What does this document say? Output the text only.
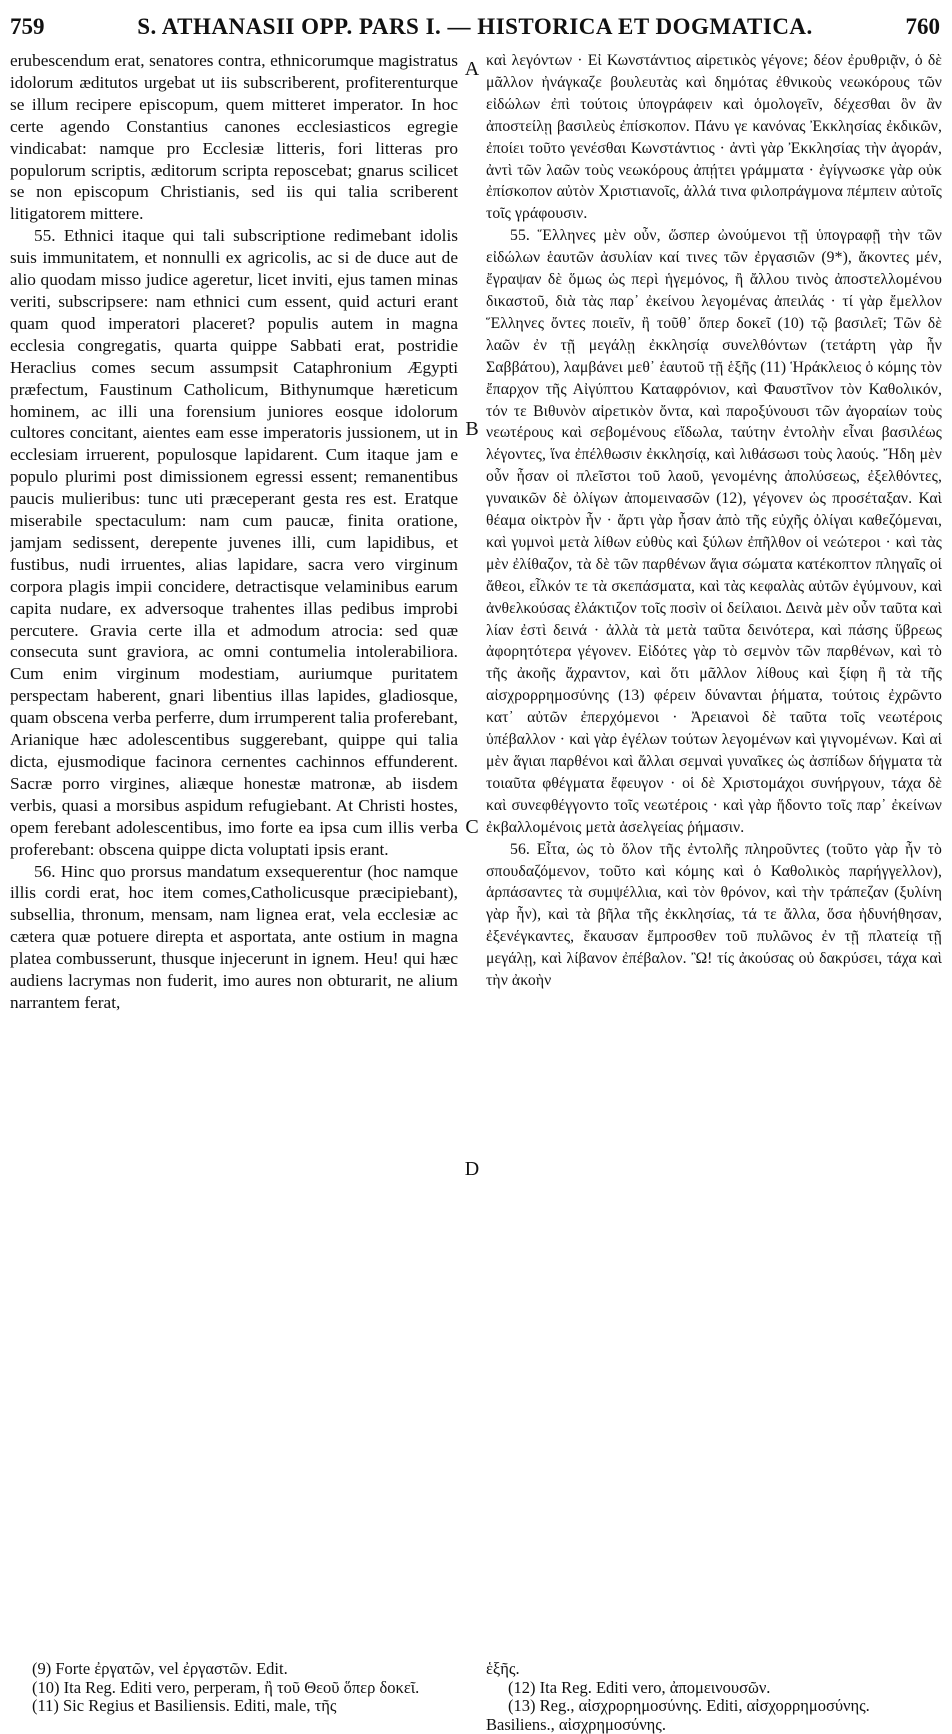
759	S. ATHANASII OPP. PARS I. — HISTORICA ET DOGMATICA.	760

erubescendum erat, senatores contra, ethnicorumque magistratus idolorum æditutos urgebat ut iis subscriberent, profiterenturque se illum recipere episcopum, quem mitteret imperator. In hoc certe agendo Constantius canones ecclesiasticos egregie vindicabat: namque pro Ecclesiæ litteris, fori litteras pro populorum scriptis, æditorum scripta reposcebat; gnarus scilicet se non episcopum Christianis, sed iis qui talia scriberent litigatorem mittere.

55. Ethnici itaque qui tali subscriptione redimebant idolis suis immunitatem, et nonnulli ex agricolis, ac si de duce aut de alio quodam misso judice ageretur, licet inviti, ejus tamen minas veriti, subscripsere: nam ethnici cum essent, quid acturi erant quam quod imperatori placeret? populis autem in magna ecclesia congregatis, quarta quippe Sabbati erat, postridie Heraclius comes secum assumpsit Cataphronium Ægypti præfectum, Faustinum Catholicum, Bithynumque hæreticum hominem, ac illi una forensium juniores eosque idolorum cultores concitant, aientes eam esse imperatoris jussionem, ut in ecclesiam irruerent, populosque lapidarent. Cum itaque jam e populo plurimi post dimissionem egressi essent; remanentibus paucis mulieribus: tunc uti præceperant gesta res est. Eratque miserabile spectaculum: nam cum paucæ, finita oratione, jamjam sedissent, derepente juvenes illi, cum lapidibus, et fustibus, nudi irruentes, alias lapidare, sacra vero virginum corpora plagis impii concidere, detractisque velaminibus earum capita nudare, ex adversoque trahentes illas pedibus improbi percutere. Gravia certe illa et admodum atrocia: sed quæ consecuta sunt graviora, ac omni contumelia intolerabiliora. Cum enim virginum modestiam, auriumque puritatem perspectam haberent, gnari libentius illas lapides, gladiosque, quam obscena verba perferre, dum irrumperent talia proferebant, Arianique hæc adolescentibus suggerebant, quippe qui talia dicta, ejusmodique facinora cernentes cachinnos effunderent. Sacræ porro virgines, aliæque honestæ matronæ, ab iisdem verbis, quasi a morsibus aspidum refugiebant. At Christi hostes, opem ferebant adolescentibus, imo forte ea ipsa cum illis verba proferebant: obscena quippe dicta voluptati ipsis erant.

56. Hinc quo prorsus mandatum exsequerentur (hoc namque illis cordi erat, hoc item comes,Catholicusque præcipiebant), subsellia, thronum, mensam, nam lignea erat, vela ecclesiæ ac cætera quæ potuere direpta et asportata, ante ostium in magna platea combusserunt, thusque injecerunt in ignem. Heu! qui hæc audiens lacrymas non fuderit, imo aures non obturarit, ne alium narrantem ferat,

A
B
C
D

καὶ λεγόντων · Εἰ Κωνστάντιος αἱρετικὸς γέγονε; δέον ἐρυθριᾷν, ὁ δὲ μᾶλλον ἠνάγκαζε βουλευτὰς καὶ δημότας ἐθνικοὺς νεωκόρους τῶν εἰδώλων ἐπὶ τούτοις ὑπογράφειν καὶ ὁμολογεῖν, δέχεσθαι ὃν ἂν ἀποστείλῃ βασιλεὺς ἐπίσκοπον. Πάνυ γε κανόνας Ἐκκλησίας ἐκδικῶν, ἐποίει τοῦτο γενέσθαι Κωνστάντιος · ἀντὶ γὰρ Ἐκκλησίας τὴν ἀγοράν, ἀντὶ τῶν λαῶν τοὺς νεωκόρους ἀπῄτει γράμματα · ἐγίγνωσκε γὰρ οὐκ ἐπίσκοπον αὐτὸν Χριστιανοῖς, ἀλλά τινα φιλοπράγμονα πέμπειν αὐτοῖς τοῖς γράφουσιν.

55. Ἕλληνες μὲν οὖν, ὥσπερ ὠνούμενοι τῇ ὑπογραφῇ τὴν τῶν εἰδώλων ἑαυτῶν ἀσυλίαν καί τινες τῶν ἐργασιῶν (9*), ἄκοντες μέν, ἔγραψαν δὲ ὅμως ὡς περὶ ἡγεμόνος, ἢ ἄλλου τινὸς ἀποστελλομένου δικαστοῦ, διὰ τὰς παρ᾽ ἐκείνου λεγομένας ἀπειλάς · τί γὰρ ἔμελλον Ἕλληνες ὄντες ποιεῖν, ἢ τοῦθ᾽ ὅπερ δοκεῖ (10) τῷ βασιλεῖ; Τῶν δὲ λαῶν ἐν τῇ μεγάλῃ ἐκκλησίᾳ συνελθόντων (τετάρτη γὰρ ἦν Σαββάτου), λαμβάνει μεθ᾽ ἑαυτοῦ τῇ ἑξῆς (11) Ἡράκλειος ὁ κόμης τὸν ἔπαρχον τῆς Αἰγύπτου Καταφρόνιον, καὶ Φαυστῖνον τὸν Καθολικόν, τόν τε Βιθυνὸν αἱρετικὸν ὄντα, καὶ παροξύνουσι τῶν ἀγοραίων τοὺς νεωτέρους καὶ σεβομένους εἴδωλα, ταύτην ἐντολὴν εἶναι βασιλέως λέγοντες, ἵνα ἐπέλθωσιν ἐκκλησίᾳ, καὶ λιθάσωσι τοὺς λαούς. Ἤδη μὲν οὖν ἦσαν οἱ πλεῖστοι τοῦ λαοῦ, γενομένης ἀπολύσεως, ἐξελθόντες, γυναικῶν δὲ ὀλίγων ἀπομεινασῶν (12), γέγονεν ὡς προσέταξαν. Καὶ θέαμα οἰκτρὸν ἦν · ἄρτι γὰρ ἦσαν ἀπὸ τῆς εὐχῆς ὀλίγαι καθεζόμεναι, καὶ γυμνοὶ μετὰ λίθων εὐθὺς καὶ ξύλων ἐπῆλθον οἱ νεώτεροι · καὶ τὰς μὲν ἐλίθαζον, τὰ δὲ τῶν παρθένων ἅγια σώματα κατέκοπτον πληγαῖς οἱ ἄθεοι, εἷλκόν τε τὰ σκεπάσματα, καὶ τὰς κεφαλὰς αὐτῶν ἐγύμνουν, καὶ ἀνθελκούσας ἐλάκτιζον τοῖς ποσὶν οἱ δείλαιοι. Δεινὰ μὲν οὖν ταῦτα καὶ λίαν ἐστὶ δεινά · ἀλλὰ τὰ μετὰ ταῦτα δεινότερα, καὶ πάσης ὕβρεως ἀφορητότερα γέγονεν. Εἰδότες γὰρ τὸ σεμνὸν τῶν παρθένων, καὶ τὸ τῆς ἀκοῆς ἄχραντον, καὶ ὅτι μᾶλλον λίθους καὶ ξίφη ἢ τὰ τῆς αἰσχρορρημοσύνης (13) φέρειν δύνανται ῥήματα, τούτοις ἐχρῶντο κατ᾽ αὐτῶν ἐπερχόμενοι · Ἀρειανοὶ δὲ ταῦτα τοῖς νεωτέροις ὑπέβαλλον · καὶ γὰρ ἐγέλων τούτων λεγομένων καὶ γιγνομένων. Καὶ αἱ μὲν ἅγιαι παρθένοι καὶ ἄλλαι σεμναὶ γυναῖκες ὡς ἀσπίδων δήγματα τὰ τοιαῦτα φθέγματα ἔφευγον · οἱ δὲ Χριστομάχοι συνήργουν, τάχα δὲ καὶ συνεφθέγγοντο τοῖς νεωτέροις · καὶ γὰρ ἥδοντο τοῖς παρ᾽ ἐκείνων ἐκβαλλομένοις μετὰ ἀσελγείας ῥήμασιν.

56. Εἶτα, ὡς τὸ ὅλον τῆς ἐντολῆς πληροῦντες (τοῦτο γὰρ ἦν τὸ σπουδαζόμενον, τοῦτο καὶ κόμης καὶ ὁ Καθολικὸς παρήγγελλον), ἁρπάσαντες τὰ συμψέλλια, καὶ τὸν θρόνον, καὶ τὴν τράπεζαν (ξυλίνη γὰρ ἦν), καὶ τὰ βῆλα τῆς ἐκκλησίας, τά τε ἄλλα, ὅσα ἠδυνήθησαν, ἐξενέγκαντες, ἔκαυσαν ἔμπροσθεν τοῦ πυλῶνος ἐν τῇ πλατείᾳ τῇ μεγάλῃ, καὶ λίβανον ἐπέβαλον. Ὢ! τίς ἀκούσας οὐ δακρύσει, τάχα καὶ τὴν ἀκοὴν

(9) Forte ἐργατῶν, vel ἐργαστῶν. Edit.
(10) Ita Reg. Editi vero, perperam, ἢ τοῦ Θεοῦ ὅπερ δοκεῖ.
(11) Sic Regius et Basiliensis. Editi, male, τῆς
ἑξῆς.
(12) Ita Reg. Editi vero, ἀπομεινουσῶν.
(13) Reg., αἰσχρορημοσύνης. Editi, αἰσχορρημοσύνης. Basiliens., αἰσχρημοσύνης.
